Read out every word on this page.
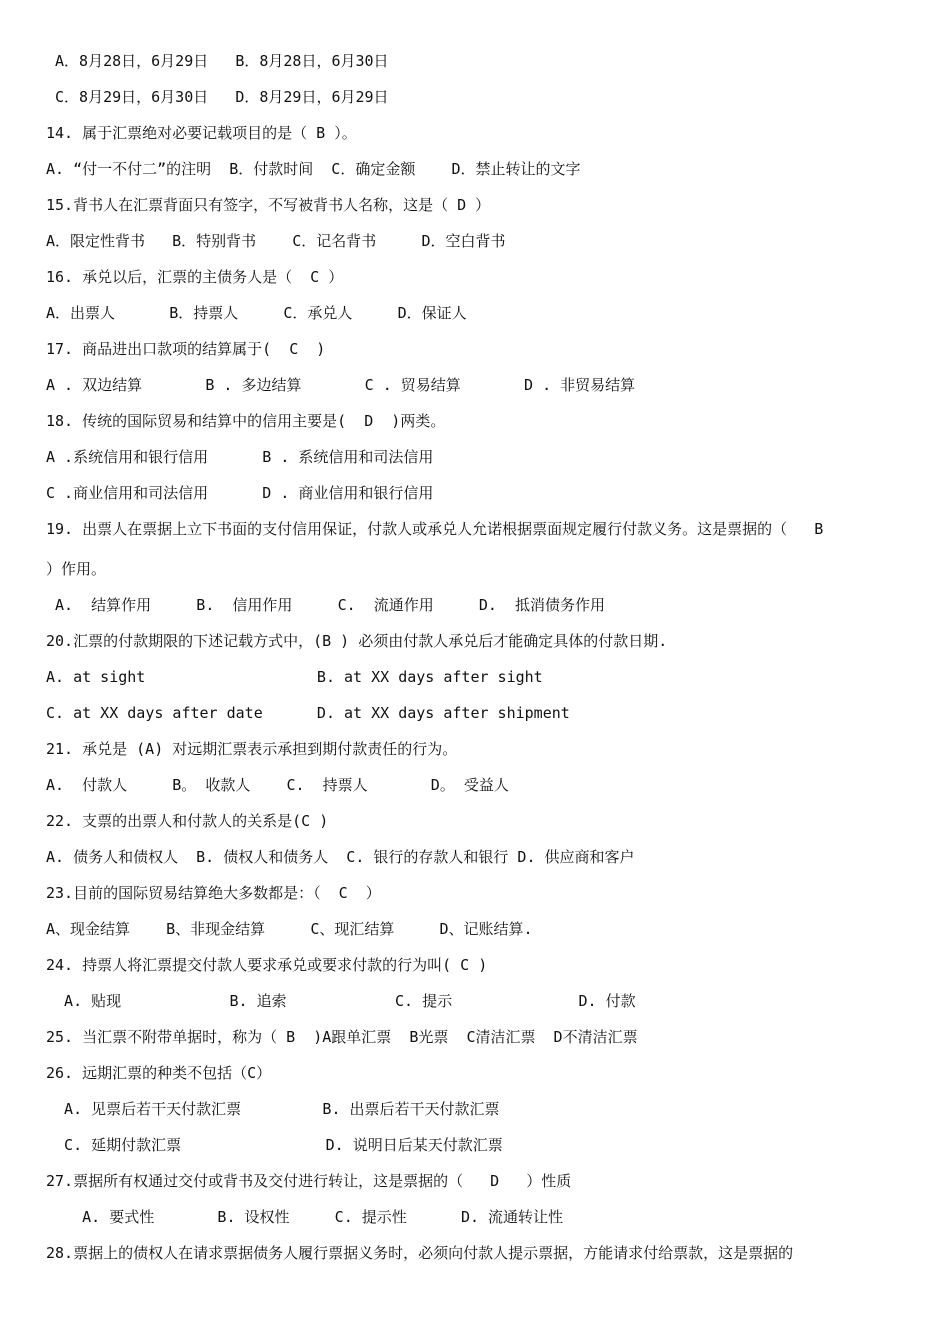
A．8月28日，6月29日   B．8月28日，6月30日
C．8月29日，6月30日   D．8月29日，6月29日
14. 属于汇票绝对必要记载项目的是（ B ）。
A. “付一不付二”的注明  B．付款时间  C．确定金额    D．禁止转让的文字
15.背书人在汇票背面只有签字，不写被背书人名称，这是（ D ）
A．限定性背书   B．特别背书    C．记名背书     D．空白背书
16. 承兑以后，汇票的主债务人是（  C ）
A．出票人      B．持票人     C．承兑人     D．保证人
17. 商品进出口款项的结算属于(  C  )
A . 双边结算       B . 多边结算       C . 贸易结算       D . 非贸易结算
18. 传统的国际贸易和结算中的信用主要是(  D  )两类。
A .系统信用和银行信用      B . 系统信用和司法信用
C .商业信用和司法信用      D . 商业信用和银行信用
19. 出票人在票据上立下书面的支付信用保证，付款人或承兑人允诺根据票面规定履行付款义务。这是票据的（   B
）作用。
A.  结算作用     B.  信用作用     C.  流通作用     D.  抵消债务作用
20.汇票的付款期限的下述记载方式中，(B ) 必须由付款人承兑后才能确定具体的付款日期.
A. at sight                   B. at XX days after sight
C. at XX days after date      D. at XX days after shipment
21. 承兑是 (A) 对远期汇票表示承担到期付款责任的行为。
A.  付款人     B。 收款人    C.  持票人       D。 受益人
22. 支票的出票人和付款人的关系是(C )
A. 债务人和债权人  B. 债权人和债务人  C. 银行的存款人和银行 D. 供应商和客户
23.目前的国际贸易结算绝大多数都是：（  C  ）
A、现金结算    B、非现金结算     C、现汇结算     D、记账结算.
24. 持票人将汇票提交付款人要求承兑或要求付款的行为叫( C )
A. 贴现            B. 追索            C. 提示              D. 付款
25. 当汇票不附带单据时，称为（ B  )A跟单汇票  B光票  C清洁汇票  D不清洁汇票
26. 远期汇票的种类不包括（C）
A. 见票后若干天付款汇票         B. 出票后若干天付款汇票
C. 延期付款汇票                D. 说明日后某天付款汇票
27.票据所有权通过交付或背书及交付进行转让，这是票据的（   D   ）性质
A. 要式性       B. 设权性     C. 提示性      D. 流通转让性
28.票据上的债权人在请求票据债务人履行票据义务时，必须向付款人提示票据，方能请求付给票款，这是票据的
